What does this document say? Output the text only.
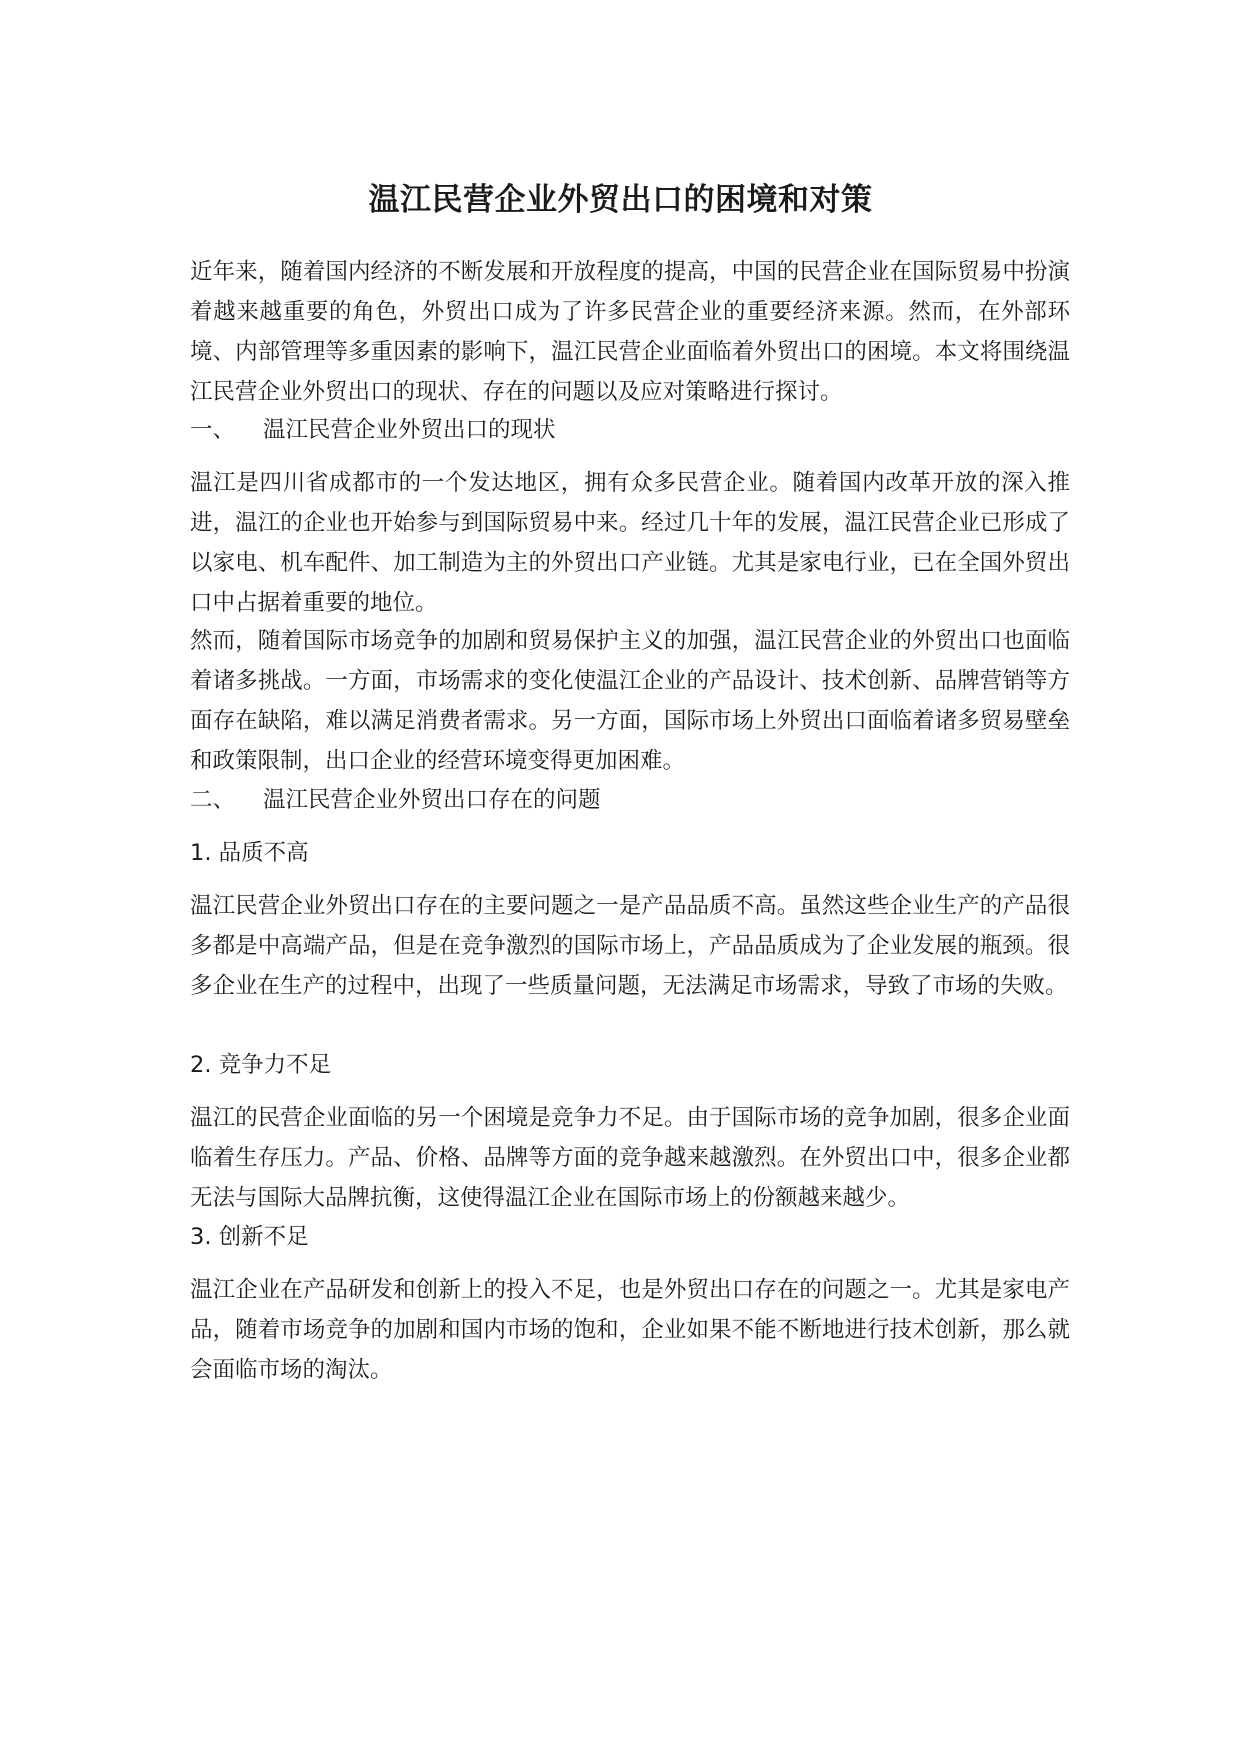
温江民营企业外贸出口的困境和对策

近年来，随着国内经济的不断发展和开放程度的提高，中国的民营企业在国际贸易中扮演着越来越重要的角色，外贸出口成为了许多民营企业的重要经济来源。然而，在外部环境、内部管理等多重因素的影响下，温江民营企业面临着外贸出口的困境。本文将围绕温江民营企业外贸出口的现状、存在的问题以及应对策略进行探讨。

一、 温江民营企业外贸出口的现状

温江是四川省成都市的一个发达地区，拥有众多民营企业。随着国内改革开放的深入推进，温江的企业也开始参与到国际贸易中来。经过几十年的发展，温江民营企业已形成了以家电、机车配件、加工制造为主的外贸出口产业链。尤其是家电行业，已在全国外贸出口中占据着重要的地位。

然而，随着国际市场竞争的加剧和贸易保护主义的加强，温江民营企业的外贸出口也面临着诸多挑战。一方面，市场需求的变化使温江企业的产品设计、技术创新、品牌营销等方面存在缺陷，难以满足消费者需求。另一方面，国际市场上外贸出口面临着诸多贸易壁垒和政策限制，出口企业的经营环境变得更加困难。

二、 温江民营企业外贸出口存在的问题

1. 品质不高

温江民营企业外贸出口存在的主要问题之一是产品品质不高。虽然这些企业生产的产品很多都是中高端产品，但是在竞争激烈的国际市场上，产品品质成为了企业发展的瓶颈。很多企业在生产的过程中，出现了一些质量问题，无法满足市场需求，导致了市场的失败。

2. 竞争力不足

温江的民营企业面临的另一个困境是竞争力不足。由于国际市场的竞争加剧，很多企业面临着生存压力。产品、价格、品牌等方面的竞争越来越激烈。在外贸出口中，很多企业都无法与国际大品牌抗衡，这使得温江企业在国际市场上的份额越来越少。

3. 创新不足

温江企业在产品研发和创新上的投入不足，也是外贸出口存在的问题之一。尤其是家电产品，随着市场竞争的加剧和国内市场的饱和，企业如果不能不断地进行技术创新，那么就会面临市场的淘汰。
